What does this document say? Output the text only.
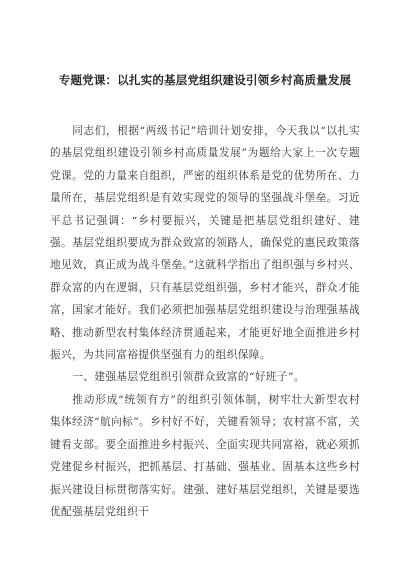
专题党课：以扎实的基层党组织建设引领乡村高质量发展

同志们，根据“两级书记”培训计划安排，今天我以“以扎实的基层党组织建设引领乡村高质量发展”为题给大家上一次专题党课。党的力量来自组织，严密的组织体系是党的优势所在、力量所在，基层党组织是有效实现党的领导的坚强战斗堡垒。习近平总书记强调：“乡村要振兴，关键是把基层党组织建好、建强。基层党组织要成为群众致富的领路人，确保党的惠民政策落地见效，真正成为战斗堡垒。”这就科学指出了组织强与乡村兴、群众富的内在逻辑，只有基层党组织强，乡村才能兴，群众才能富，国家才能好。我们必须把加强基层党组织建设与治理强基战略、推动新型农村集体经济贯通起来，才能更好地全面推进乡村振兴，为共同富裕提供坚强有力的组织保障。

一、建强基层党组织引领群众致富的“好班子”。

推动形成“统领有方”的组织引领体制，树牢壮大新型农村集体经济“航向标”。乡村好不好，关键看领导；农村富不富，关键看支部。要全面推进乡村振兴、全面实现共同富裕，就必须抓党建促乡村振兴，把抓基层、打基础、强基业、固基本这些乡村振兴建设目标贯彻落实好。建强、建好基层党组织，关键是要选优配强基层党组织干
